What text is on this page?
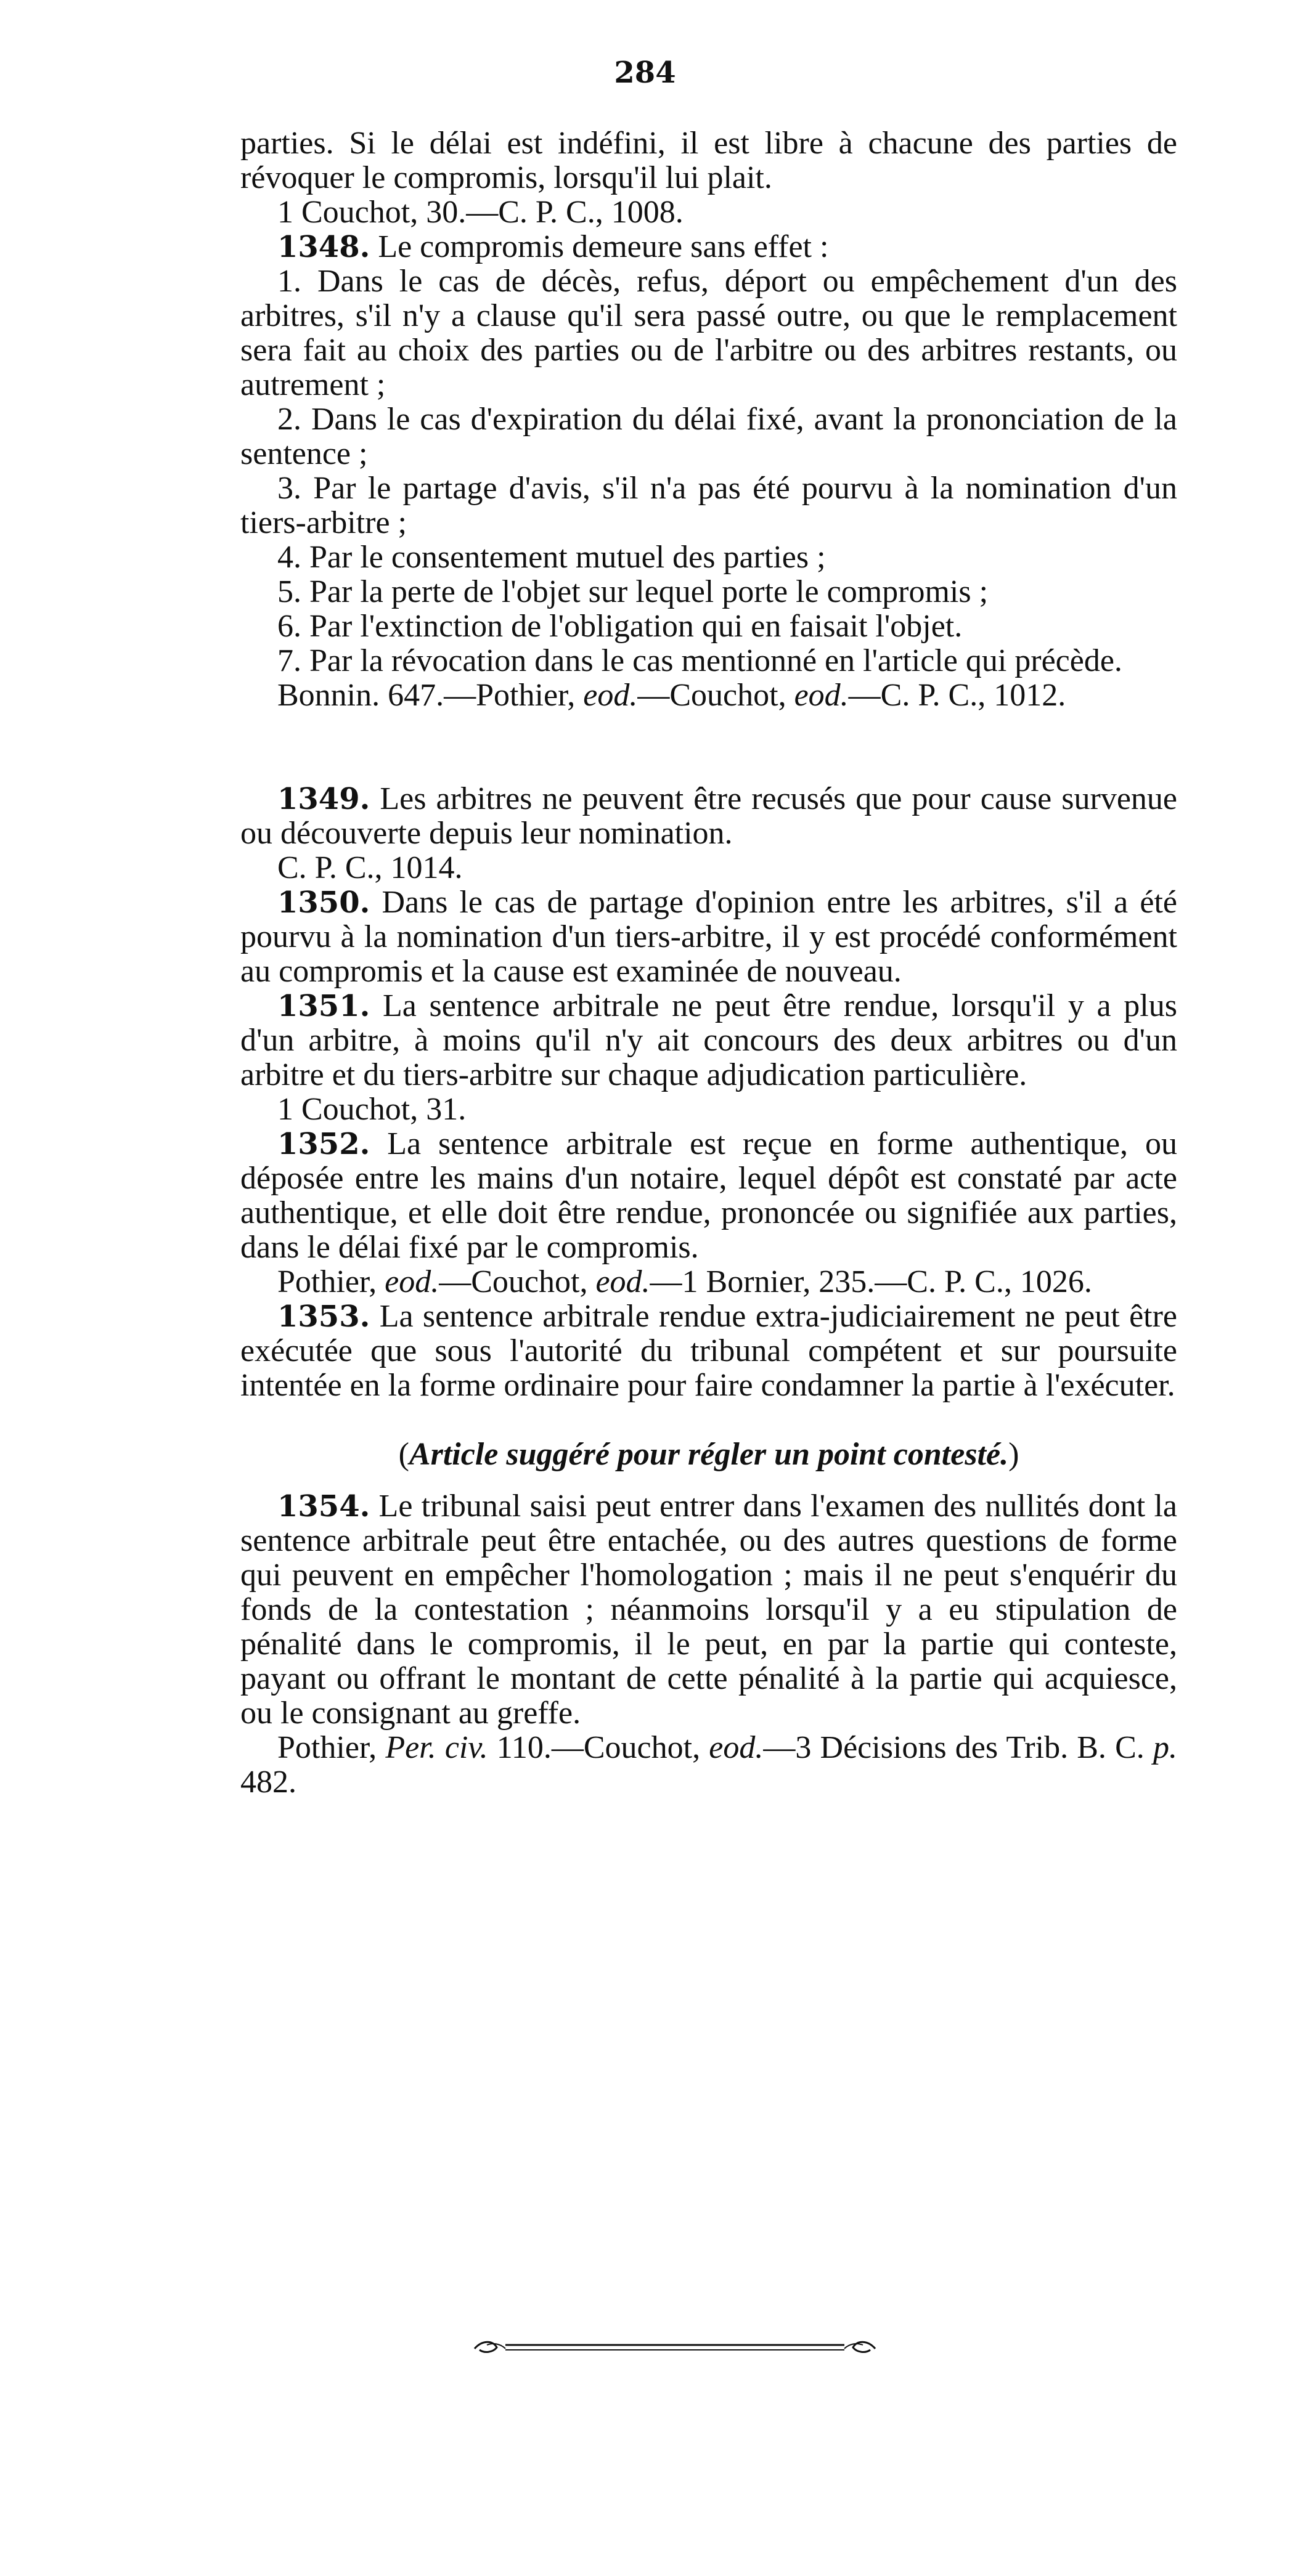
284

parties. Si le délai est indéfini, il est libre à chacune des parties de révoquer le compromis, lorsqu'il lui plait.

1 Couchot, 30.—C. P. C., 1008.

1348. Le compromis demeure sans effet :

1. Dans le cas de décès, refus, déport ou empêchement d'un des arbitres, s'il n'y a clause qu'il sera passé outre, ou que le remplacement sera fait au choix des parties ou de l'arbitre ou des arbitres restants, ou autrement ;

2. Dans le cas d'expiration du délai fixé, avant la prononciation de la sentence ;

3. Par le partage d'avis, s'il n'a pas été pourvu à la nomination d'un tiers-arbitre ;

4. Par le consentement mutuel des parties ;

5. Par la perte de l'objet sur lequel porte le compromis ;

6. Par l'extinction de l'obligation qui en faisait l'objet.

7. Par la révocation dans le cas mentionné en l'article qui précède.

Bonnin. 647.—Pothier, eod.—Couchot, eod.—C. P. C., 1012.

1349. Les arbitres ne peuvent être recusés que pour cause survenue ou découverte depuis leur nomination.

C. P. C., 1014.

1350. Dans le cas de partage d'opinion entre les arbitres, s'il a été pourvu à la nomination d'un tiers-arbitre, il y est procédé conformément au compromis et la cause est examinée de nouveau.

1351. La sentence arbitrale ne peut être rendue, lorsqu'il y a plus d'un arbitre, à moins qu'il n'y ait concours des deux arbitres ou d'un arbitre et du tiers-arbitre sur chaque adjudication particulière.

1 Couchot, 31.

1352. La sentence arbitrale est reçue en forme authentique, ou déposée entre les mains d'un notaire, lequel dépôt est constaté par acte authentique, et elle doit être rendue, prononcée ou signifiée aux parties, dans le délai fixé par le compromis.

Pothier, eod.—Couchot, eod.—1 Bornier, 235.—C. P. C., 1026.

1353. La sentence arbitrale rendue extra-judiciairement ne peut être exécutée que sous l'autorité du tribunal compétent et sur poursuite intentée en la forme ordinaire pour faire condamner la partie à l'exécuter.

(Article suggéré pour régler un point contesté.)

1354. Le tribunal saisi peut entrer dans l'examen des nullités dont la sentence arbitrale peut être entachée, ou des autres questions de forme qui peuvent en empêcher l'homologation ; mais il ne peut s'enquérir du fonds de la contestation ; néanmoins lorsqu'il y a eu stipulation de pénalité dans le compromis, il le peut, en par la partie qui conteste, payant ou offrant le montant de cette pénalité à la partie qui acquiesce, ou le consignant au greffe.

Pothier, Per. civ. 110.—Couchot, eod.—3 Décisions des Trib. B. C. p. 482.
